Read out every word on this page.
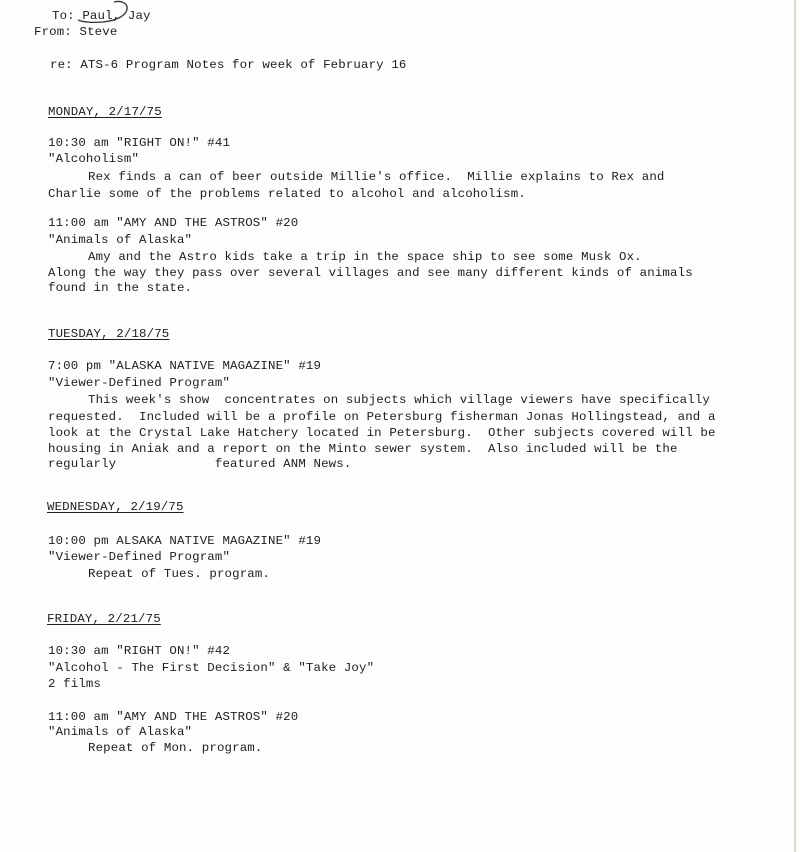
To: Paul, Jay
From: Steve
re: ATS-6 Program Notes for week of February 16
MONDAY, 2/17/75
10:30 am "RIGHT ON!" #41
"Alcoholism"
Rex finds a can of beer outside Millie's office.  Millie explains to Rex and
Charlie some of the problems related to alcohol and alcoholism.
11:00 am "AMY AND THE ASTROS" #20
"Animals of Alaska"
Amy and the Astro kids take a trip in the space ship to see some Musk Ox.
Along the way they pass over several villages and see many different kinds of animals
found in the state.
TUESDAY, 2/18/75
7:00 pm "ALASKA NATIVE MAGAZINE" #19
"Viewer-Defined Program"
This week's show  concentrates on subjects which village viewers have specifically
requested.  Included will be a profile on Petersburg fisherman Jonas Hollingstead, and a
look at the Crystal Lake Hatchery located in Petersburg.  Other subjects covered will be
housing in Aniak and a report on the Minto sewer system.  Also included will be the
regularly             featured ANM News.
WEDNESDAY, 2/19/75
10:00 pm ALSAKA NATIVE MAGAZINE" #19
"Viewer-Defined Program"
Repeat of Tues. program.
FRIDAY, 2/21/75
10:30 am "RIGHT ON!" #42
"Alcohol - The First Decision" & "Take Joy"
2 films
11:00 am "AMY AND THE ASTROS" #20
"Animals of Alaska"
Repeat of Mon. program.
